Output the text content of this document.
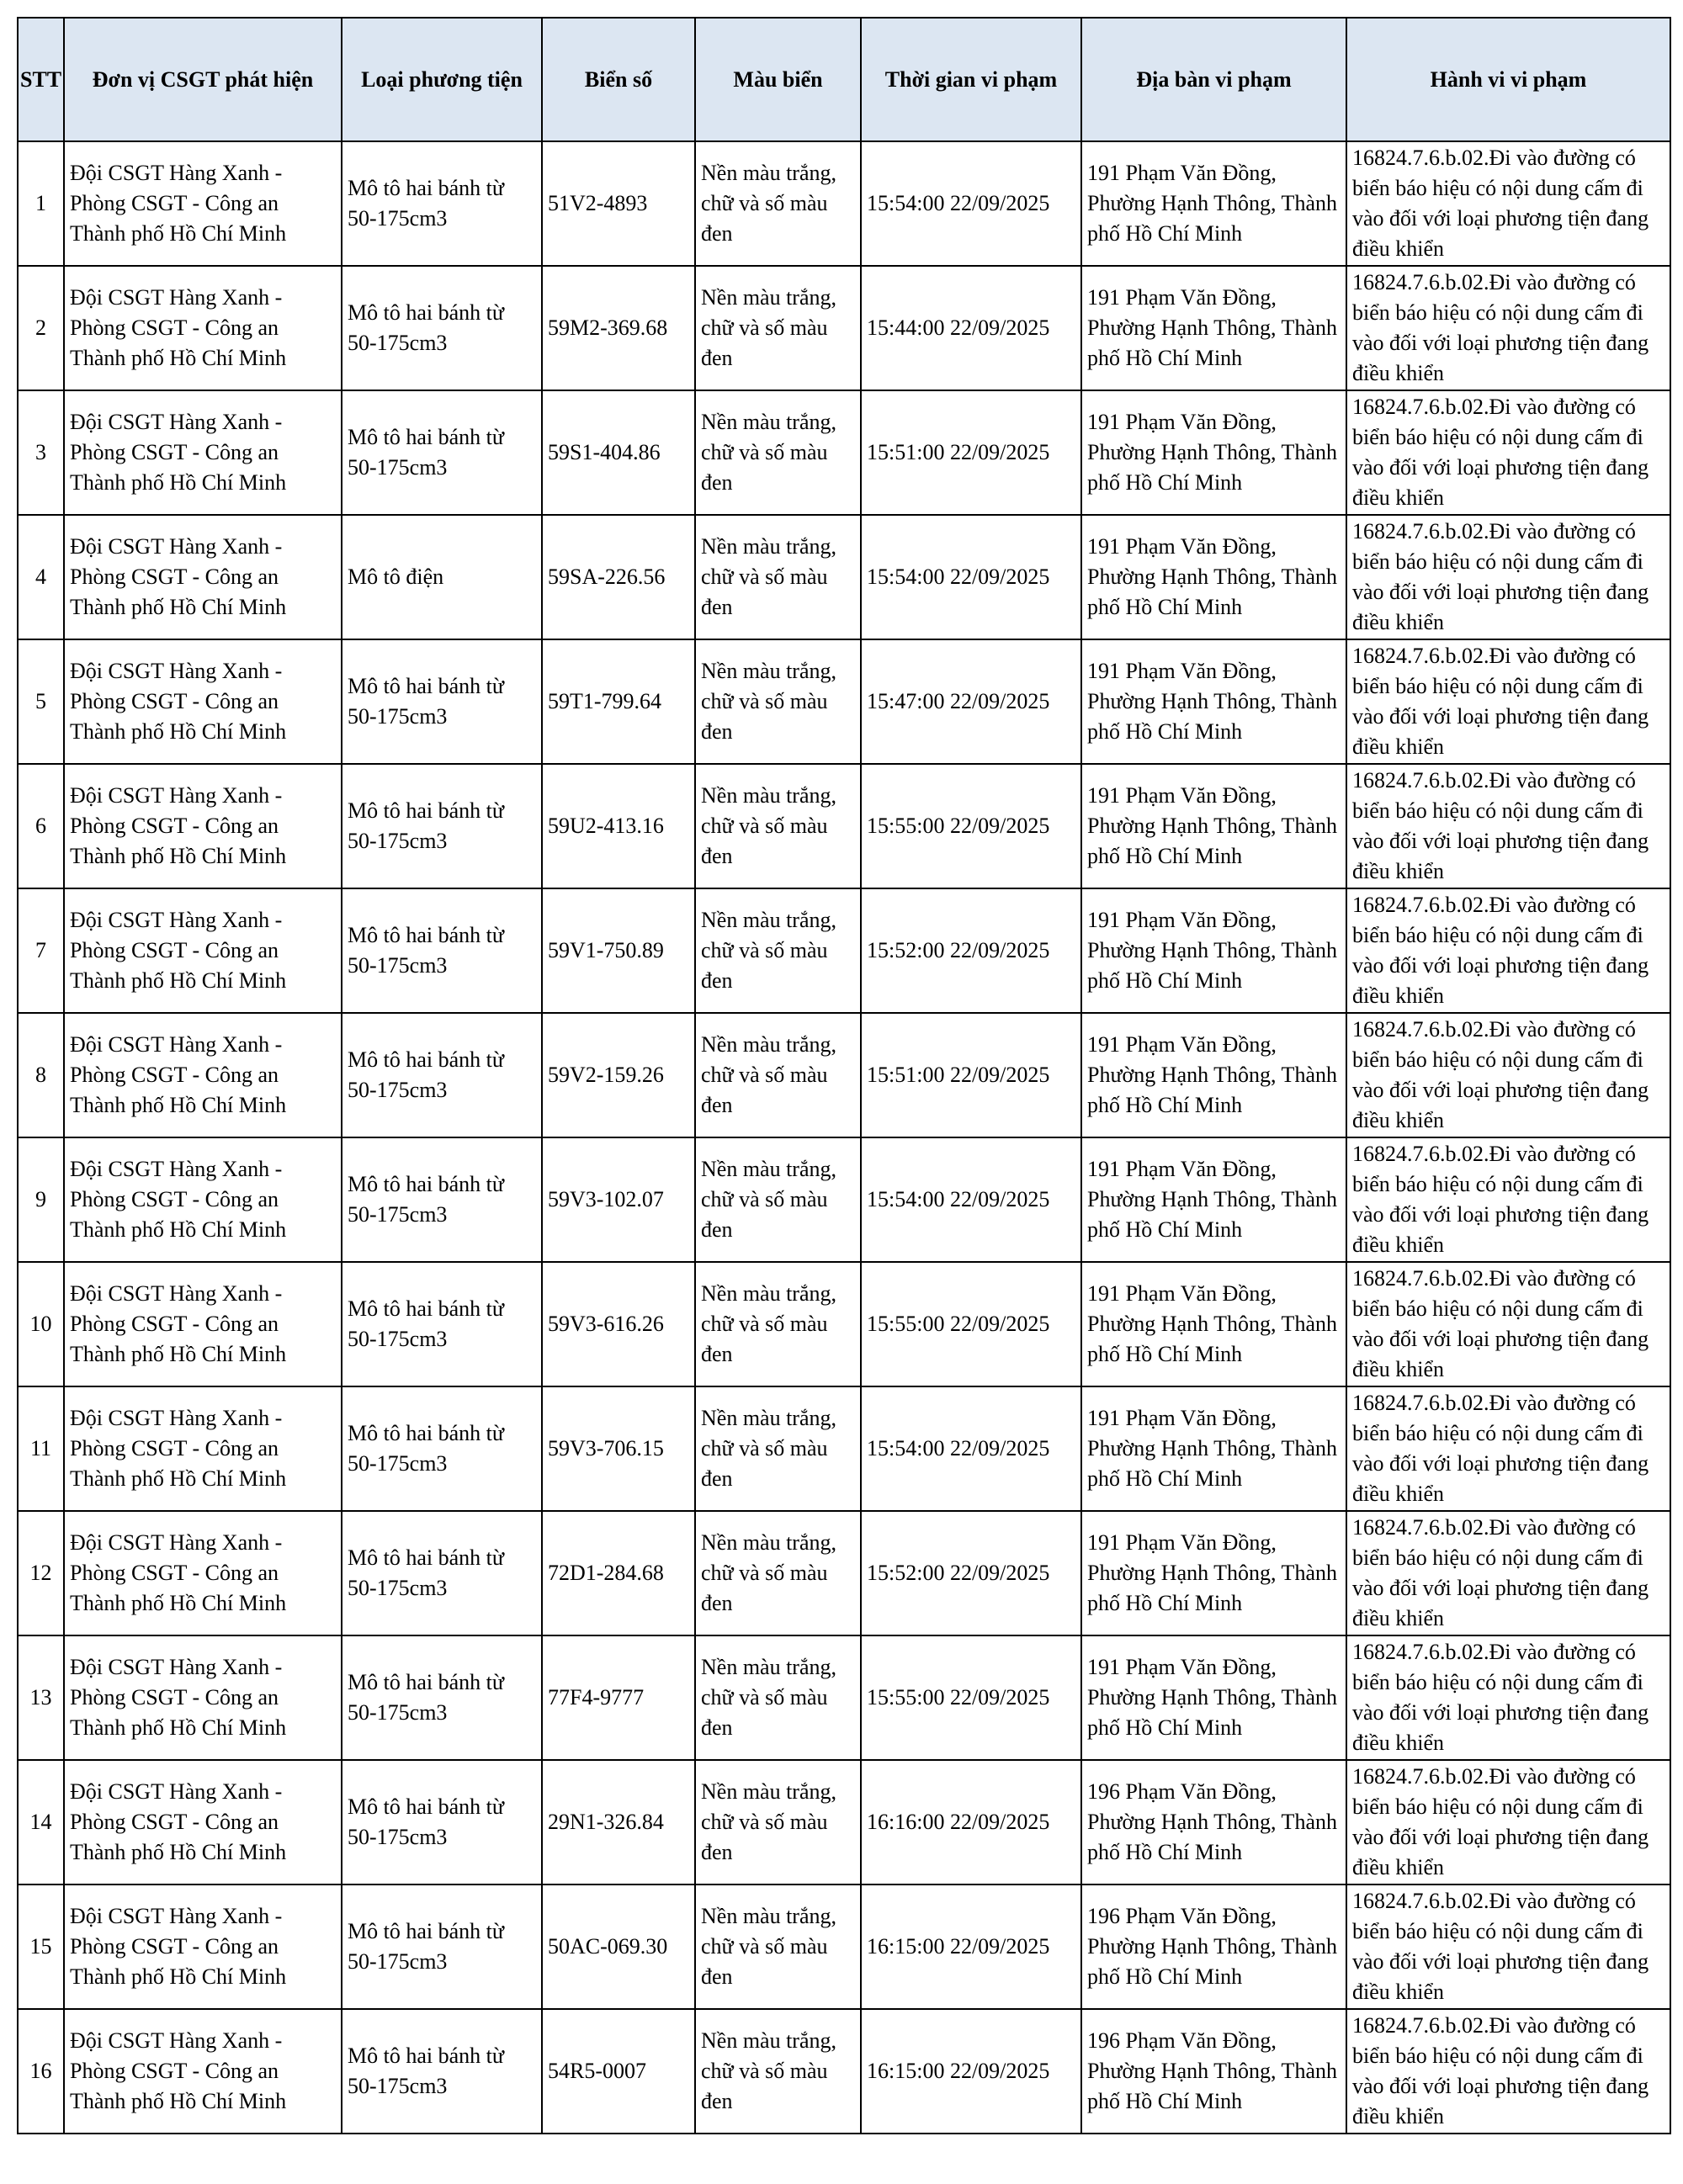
STT	Đơn vị CSGT phát hiện	Loại phương tiện	Biển số	Màu biển	Thời gian vi phạm	Địa bàn vi phạm	Hành vi vi phạm
1	Đội CSGT Hàng Xanh - Phòng CSGT - Công an Thành phố Hồ Chí Minh	Mô tô hai bánh từ 50-175cm3	51V2-4893	Nền màu trắng, chữ và số màu đen	15:54:00 22/09/2025	191 Phạm Văn Đồng, Phường Hạnh Thông, Thành phố Hồ Chí Minh	16824.7.6.b.02.Đi vào đường có biển báo hiệu có nội dung cấm đi vào đối với loại phương tiện đang điều khiển
2	Đội CSGT Hàng Xanh - Phòng CSGT - Công an Thành phố Hồ Chí Minh	Mô tô hai bánh từ 50-175cm3	59M2-369.68	Nền màu trắng, chữ và số màu đen	15:44:00 22/09/2025	191 Phạm Văn Đồng, Phường Hạnh Thông, Thành phố Hồ Chí Minh	16824.7.6.b.02.Đi vào đường có biển báo hiệu có nội dung cấm đi vào đối với loại phương tiện đang điều khiển
3	Đội CSGT Hàng Xanh - Phòng CSGT - Công an Thành phố Hồ Chí Minh	Mô tô hai bánh từ 50-175cm3	59S1-404.86	Nền màu trắng, chữ và số màu đen	15:51:00 22/09/2025	191 Phạm Văn Đồng, Phường Hạnh Thông, Thành phố Hồ Chí Minh	16824.7.6.b.02.Đi vào đường có biển báo hiệu có nội dung cấm đi vào đối với loại phương tiện đang điều khiển
4	Đội CSGT Hàng Xanh - Phòng CSGT - Công an Thành phố Hồ Chí Minh	Mô tô điện	59SA-226.56	Nền màu trắng, chữ và số màu đen	15:54:00 22/09/2025	191 Phạm Văn Đồng, Phường Hạnh Thông, Thành phố Hồ Chí Minh	16824.7.6.b.02.Đi vào đường có biển báo hiệu có nội dung cấm đi vào đối với loại phương tiện đang điều khiển
5	Đội CSGT Hàng Xanh - Phòng CSGT - Công an Thành phố Hồ Chí Minh	Mô tô hai bánh từ 50-175cm3	59T1-799.64	Nền màu trắng, chữ và số màu đen	15:47:00 22/09/2025	191 Phạm Văn Đồng, Phường Hạnh Thông, Thành phố Hồ Chí Minh	16824.7.6.b.02.Đi vào đường có biển báo hiệu có nội dung cấm đi vào đối với loại phương tiện đang điều khiển
6	Đội CSGT Hàng Xanh - Phòng CSGT - Công an Thành phố Hồ Chí Minh	Mô tô hai bánh từ 50-175cm3	59U2-413.16	Nền màu trắng, chữ và số màu đen	15:55:00 22/09/2025	191 Phạm Văn Đồng, Phường Hạnh Thông, Thành phố Hồ Chí Minh	16824.7.6.b.02.Đi vào đường có biển báo hiệu có nội dung cấm đi vào đối với loại phương tiện đang điều khiển
7	Đội CSGT Hàng Xanh - Phòng CSGT - Công an Thành phố Hồ Chí Minh	Mô tô hai bánh từ 50-175cm3	59V1-750.89	Nền màu trắng, chữ và số màu đen	15:52:00 22/09/2025	191 Phạm Văn Đồng, Phường Hạnh Thông, Thành phố Hồ Chí Minh	16824.7.6.b.02.Đi vào đường có biển báo hiệu có nội dung cấm đi vào đối với loại phương tiện đang điều khiển
8	Đội CSGT Hàng Xanh - Phòng CSGT - Công an Thành phố Hồ Chí Minh	Mô tô hai bánh từ 50-175cm3	59V2-159.26	Nền màu trắng, chữ và số màu đen	15:51:00 22/09/2025	191 Phạm Văn Đồng, Phường Hạnh Thông, Thành phố Hồ Chí Minh	16824.7.6.b.02.Đi vào đường có biển báo hiệu có nội dung cấm đi vào đối với loại phương tiện đang điều khiển
9	Đội CSGT Hàng Xanh - Phòng CSGT - Công an Thành phố Hồ Chí Minh	Mô tô hai bánh từ 50-175cm3	59V3-102.07	Nền màu trắng, chữ và số màu đen	15:54:00 22/09/2025	191 Phạm Văn Đồng, Phường Hạnh Thông, Thành phố Hồ Chí Minh	16824.7.6.b.02.Đi vào đường có biển báo hiệu có nội dung cấm đi vào đối với loại phương tiện đang điều khiển
10	Đội CSGT Hàng Xanh - Phòng CSGT - Công an Thành phố Hồ Chí Minh	Mô tô hai bánh từ 50-175cm3	59V3-616.26	Nền màu trắng, chữ và số màu đen	15:55:00 22/09/2025	191 Phạm Văn Đồng, Phường Hạnh Thông, Thành phố Hồ Chí Minh	16824.7.6.b.02.Đi vào đường có biển báo hiệu có nội dung cấm đi vào đối với loại phương tiện đang điều khiển
11	Đội CSGT Hàng Xanh - Phòng CSGT - Công an Thành phố Hồ Chí Minh	Mô tô hai bánh từ 50-175cm3	59V3-706.15	Nền màu trắng, chữ và số màu đen	15:54:00 22/09/2025	191 Phạm Văn Đồng, Phường Hạnh Thông, Thành phố Hồ Chí Minh	16824.7.6.b.02.Đi vào đường có biển báo hiệu có nội dung cấm đi vào đối với loại phương tiện đang điều khiển
12	Đội CSGT Hàng Xanh - Phòng CSGT - Công an Thành phố Hồ Chí Minh	Mô tô hai bánh từ 50-175cm3	72D1-284.68	Nền màu trắng, chữ và số màu đen	15:52:00 22/09/2025	191 Phạm Văn Đồng, Phường Hạnh Thông, Thành phố Hồ Chí Minh	16824.7.6.b.02.Đi vào đường có biển báo hiệu có nội dung cấm đi vào đối với loại phương tiện đang điều khiển
13	Đội CSGT Hàng Xanh - Phòng CSGT - Công an Thành phố Hồ Chí Minh	Mô tô hai bánh từ 50-175cm3	77F4-9777	Nền màu trắng, chữ và số màu đen	15:55:00 22/09/2025	191 Phạm Văn Đồng, Phường Hạnh Thông, Thành phố Hồ Chí Minh	16824.7.6.b.02.Đi vào đường có biển báo hiệu có nội dung cấm đi vào đối với loại phương tiện đang điều khiển
14	Đội CSGT Hàng Xanh - Phòng CSGT - Công an Thành phố Hồ Chí Minh	Mô tô hai bánh từ 50-175cm3	29N1-326.84	Nền màu trắng, chữ và số màu đen	16:16:00 22/09/2025	196 Phạm Văn Đồng, Phường Hạnh Thông, Thành phố Hồ Chí Minh	16824.7.6.b.02.Đi vào đường có biển báo hiệu có nội dung cấm đi vào đối với loại phương tiện đang điều khiển
15	Đội CSGT Hàng Xanh - Phòng CSGT - Công an Thành phố Hồ Chí Minh	Mô tô hai bánh từ 50-175cm3	50AC-069.30	Nền màu trắng, chữ và số màu đen	16:15:00 22/09/2025	196 Phạm Văn Đồng, Phường Hạnh Thông, Thành phố Hồ Chí Minh	16824.7.6.b.02.Đi vào đường có biển báo hiệu có nội dung cấm đi vào đối với loại phương tiện đang điều khiển
16	Đội CSGT Hàng Xanh - Phòng CSGT - Công an Thành phố Hồ Chí Minh	Mô tô hai bánh từ 50-175cm3	54R5-0007	Nền màu trắng, chữ và số màu đen	16:15:00 22/09/2025	196 Phạm Văn Đồng, Phường Hạnh Thông, Thành phố Hồ Chí Minh	16824.7.6.b.02.Đi vào đường có biển báo hiệu có nội dung cấm đi vào đối với loại phương tiện đang điều khiển
